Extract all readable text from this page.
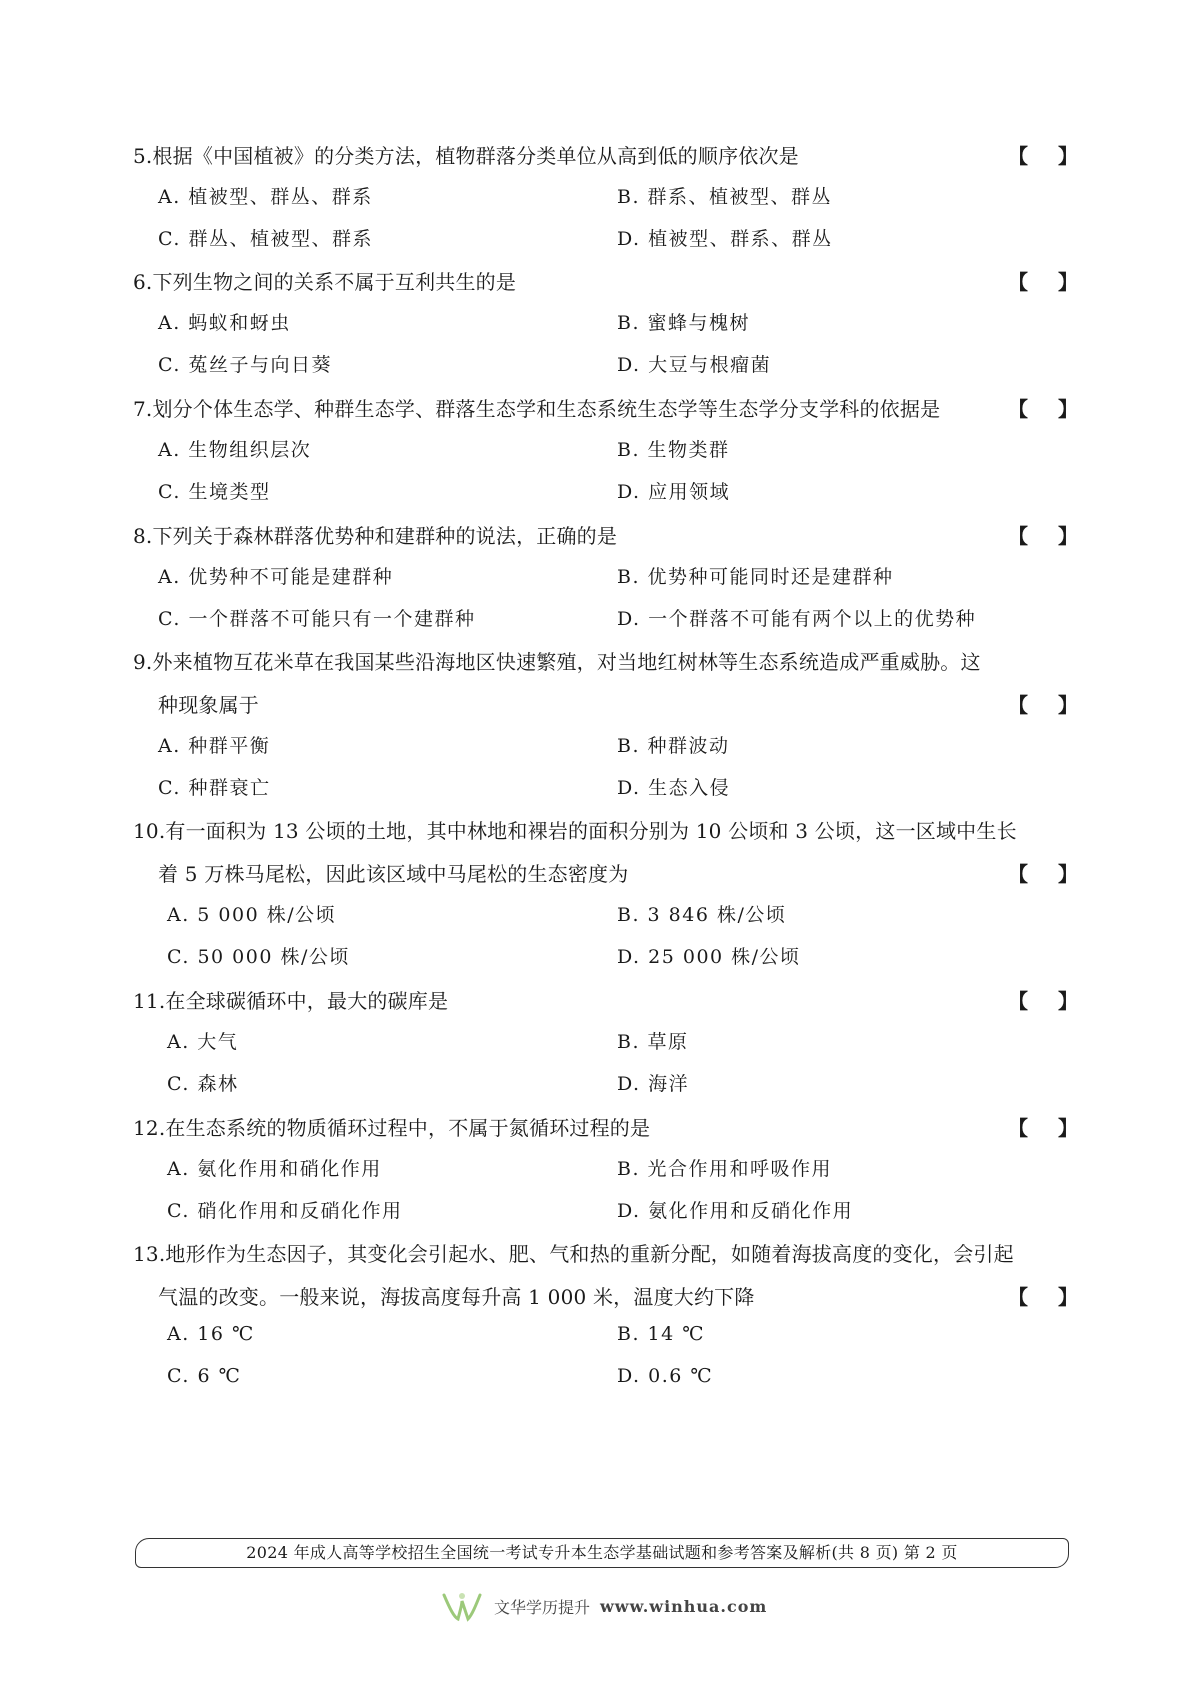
5.根据《中国植被》的分类方法，植物群落分类单位从高到低的顺序依次是	【 】
A. 植被型、群丛、群系	B. 群系、植被型、群丛
C. 群丛、植被型、群系	D. 植被型、群系、群丛
6.下列生物之间的关系不属于互利共生的是	【 】
A. 蚂蚁和蚜虫	B. 蜜蜂与槐树
C. 菟丝子与向日葵	D. 大豆与根瘤菌
7.划分个体生态学、种群生态学、群落生态学和生态系统生态学等生态学分支学科的依据是	【 】
A. 生物组织层次	B. 生物类群
C. 生境类型	D. 应用领域
8.下列关于森林群落优势种和建群种的说法，正确的是	【 】
A. 优势种不可能是建群种	B. 优势种可能同时还是建群种
C. 一个群落不可能只有一个建群种	D. 一个群落不可能有两个以上的优势种
9.外来植物互花米草在我国某些沿海地区快速繁殖，对当地红树林等生态系统造成严重威胁。这
种现象属于	【 】
A. 种群平衡	B. 种群波动
C. 种群衰亡	D. 生态入侵
10.有一面积为 13 公顷的土地，其中林地和裸岩的面积分别为 10 公顷和 3 公顷，这一区域中生长
着 5 万株马尾松，因此该区域中马尾松的生态密度为	【 】
A. 5 000 株/公顷	B. 3 846 株/公顷
C. 50 000 株/公顷	D. 25 000 株/公顷
11.在全球碳循环中，最大的碳库是	【 】
A. 大气	B. 草原
C. 森林	D. 海洋
12.在生态系统的物质循环过程中，不属于氮循环过程的是	【 】
A. 氨化作用和硝化作用	B. 光合作用和呼吸作用
C. 硝化作用和反硝化作用	D. 氨化作用和反硝化作用
13.地形作为生态因子，其变化会引起水、肥、气和热的重新分配，如随着海拔高度的变化，会引起
气温的改变。一般来说，海拔高度每升高 1 000 米，温度大约下降	【 】
A. 16 ℃	B. 14 ℃
C. 6 ℃	D. 0.6 ℃
2024 年成人高等学校招生全国统一考试专升本生态学基础试题和参考答案及解析(共 8 页) 第 2 页
文华学历提升 www.winhua.com
